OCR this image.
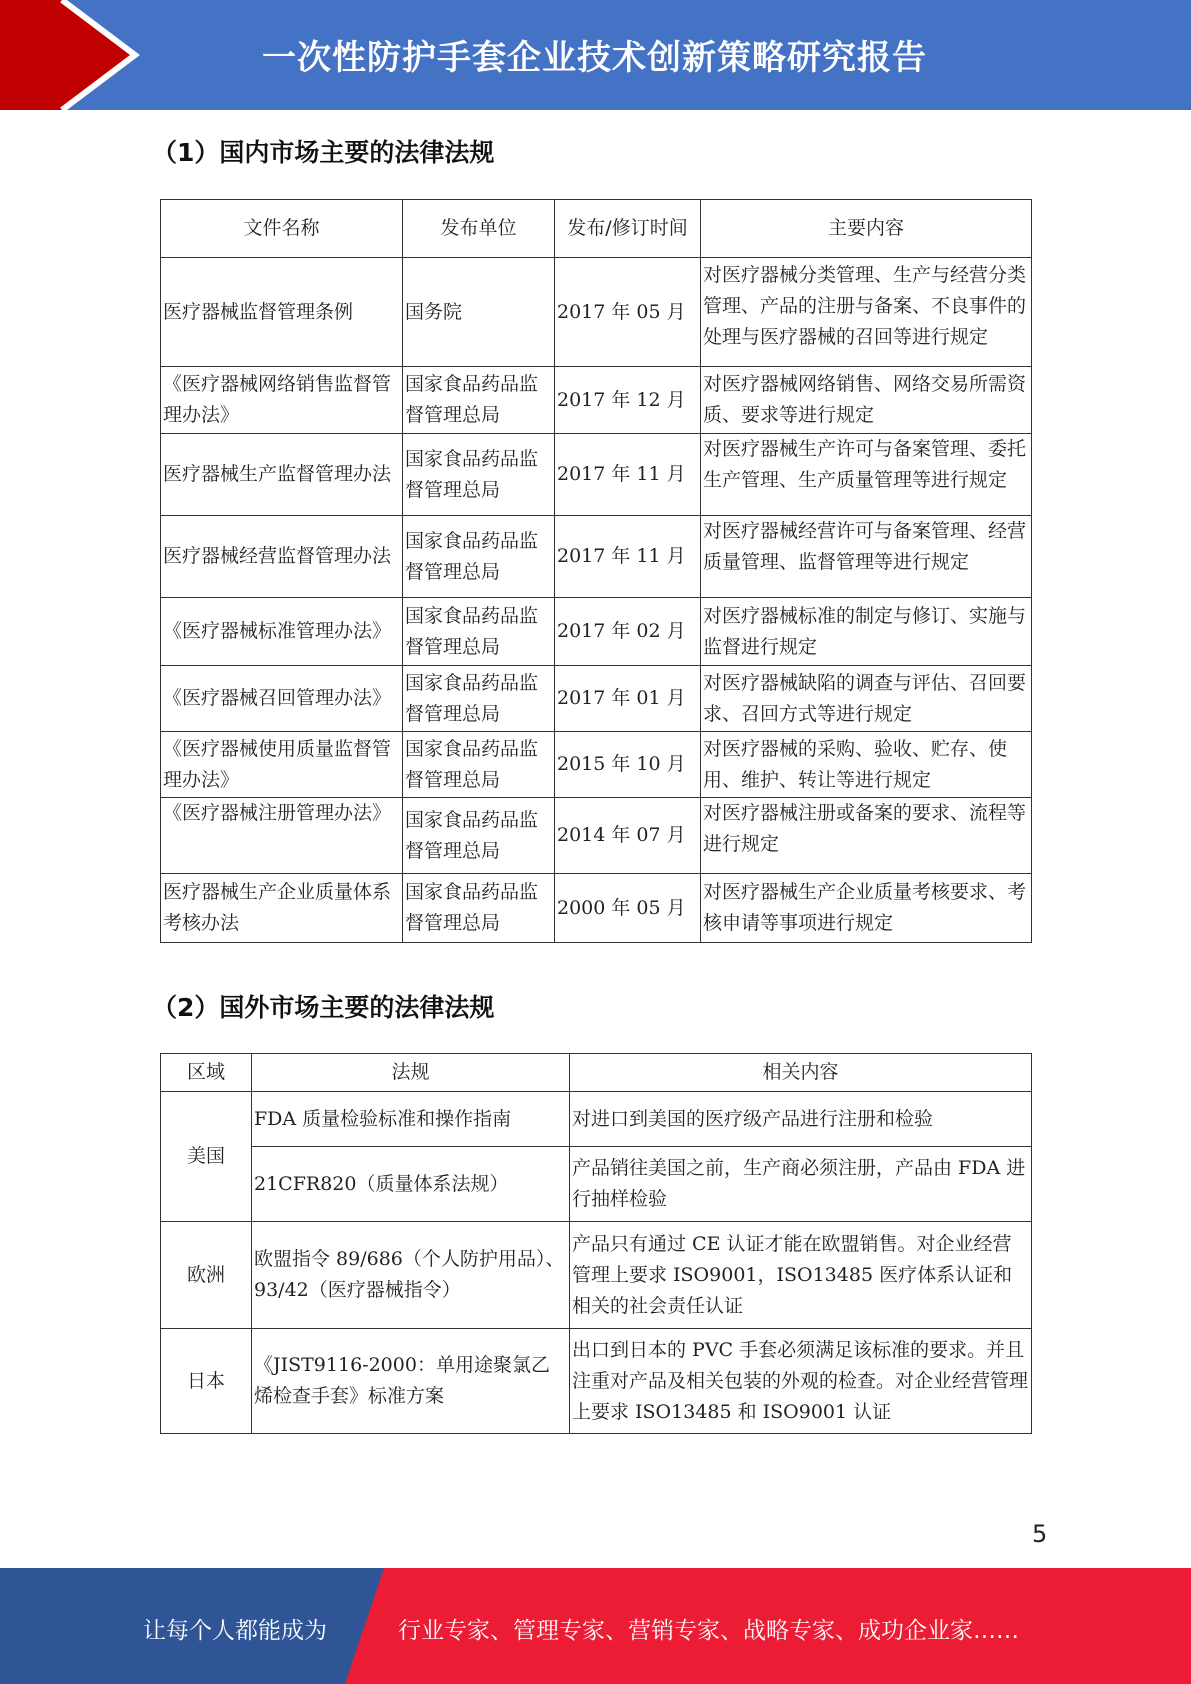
一次性防护手套企业技术创新策略研究报告
（1）国内市场主要的法律法规
文件名称	发布单位	发布/修订时间	主要内容
医疗器械监督管理条例	国务院	2017 年 05 月	对医疗器械分类管理、生产与经营分类管理、产品的注册与备案、不良事件的处理与医疗器械的召回等进行规定

《医疗器械网络销售监督管理办法》	国家食品药品监督管理总局	2017 年 12 月	对医疗器械网络销售、网络交易所需资质、要求等进行规定
医疗器械生产监督管理办法	国家食品药品监督管理总局	2017 年 11 月	对医疗器械生产许可与备案管理、委托生产管理、生产质量管理等进行规定

医疗器械经营监督管理办法	国家食品药品监督管理总局	2017 年 11 月	对医疗器械经营许可与备案管理、经营质量管理、监督管理等进行规定

《医疗器械标准管理办法》	国家食品药品监督管理总局	2017 年 02 月	对医疗器械标准的制定与修订、实施与监督进行规定
《医疗器械召回管理办法》	国家食品药品监督管理总局	2017 年 01 月	对医疗器械缺陷的调查与评估、召回要求、召回方式等进行规定
《医疗器械使用质量监督管理办法》	国家食品药品监督管理总局	2015 年 10 月	对医疗器械的采购、验收、贮存、使用、维护、转让等进行规定
《医疗器械注册管理办法》	国家食品药品监督管理总局	2014 年 07 月	对医疗器械注册或备案的要求、流程等进行规定
医疗器械生产企业质量体系考核办法	国家食品药品监督管理总局	2000 年 05 月	对医疗器械生产企业质量考核要求、考核申请等事项进行规定
（2）国外市场主要的法律法规
区域	法规	相关内容
美国	FDA 质量检验标准和操作指南	对进口到美国的医疗级产品进行注册和检验
	21CFR820（质量体系法规）	产品销往美国之前，生产商必须注册，产品由 FDA 进行抽样检验
欧洲	欧盟指令 89/686（个人防护用品）、93/42（医疗器械指令）	产品只有通过 CE 认证才能在欧盟销售。对企业经营管理上要求 ISO9001，ISO13485 医疗体系认证和相关的社会责任认证
日本	《JIST9116-2000：单用途聚氯乙烯检查手套》标准方案	出口到日本的 PVC 手套必须满足该标准的要求。并且注重对产品及相关包装的外观的检查。对企业经营管理上要求 ISO13485 和 ISO9001 认证
5
让每个人都能成为	行业专家、管理专家、营销专家、战略专家、成功企业家……
